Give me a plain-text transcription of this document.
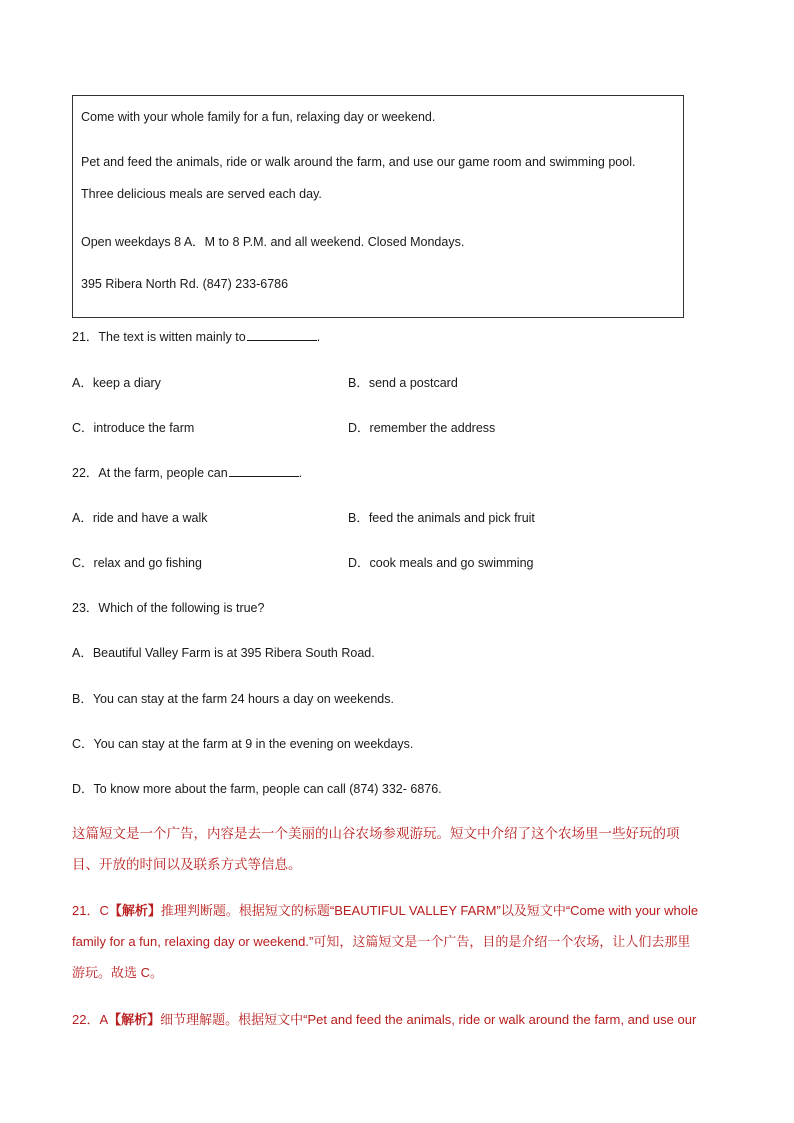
Come with your whole family for a fun, relaxing day or weekend.
Pet and feed the animals, ride or walk around the farm, and use our game room and swimming pool.
Three delicious meals are served each day.
Open weekdays 8 A．M to 8 P.M. and all weekend. Closed Mondays.
395 Ribera North Rd. (847) 233-6786
21．The text is witten mainly to	.
A．keep a diary	B．send a postcard
C．introduce the farm	D．remember the address
22．At the farm, people can	.
A．ride and have a walk	B．feed the animals and pick fruit
C．relax and go fishing	D．cook meals and go swimming
23．Which of the following is true?
A．Beautiful Valley Farm is at 395 Ribera South Road.
B．You can stay at the farm 24 hours a day on weekends.
C．You can stay at the farm at 9 in the evening on weekdays.
D．To know more about the farm, people can call (874) 332- 6876.
这篇短文是一个广告，内容是去一个美丽的山谷农场参观游玩。短文中介绍了这个农场里一些好玩的项
目、开放的时间以及联系方式等信息。
21．C【解析】推理判断题。根据短文的标题“BEAUTIFUL VALLEY FARM”以及短文中“Come with your whole
family for a fun, relaxing day or weekend.”可知，这篇短文是一个广告，目的是介绍一个农场，让人们去那里
游玩。故选 C。
22．A【解析】细节理解题。根据短文中“Pet and feed the animals, ride or walk around the farm, and use our
